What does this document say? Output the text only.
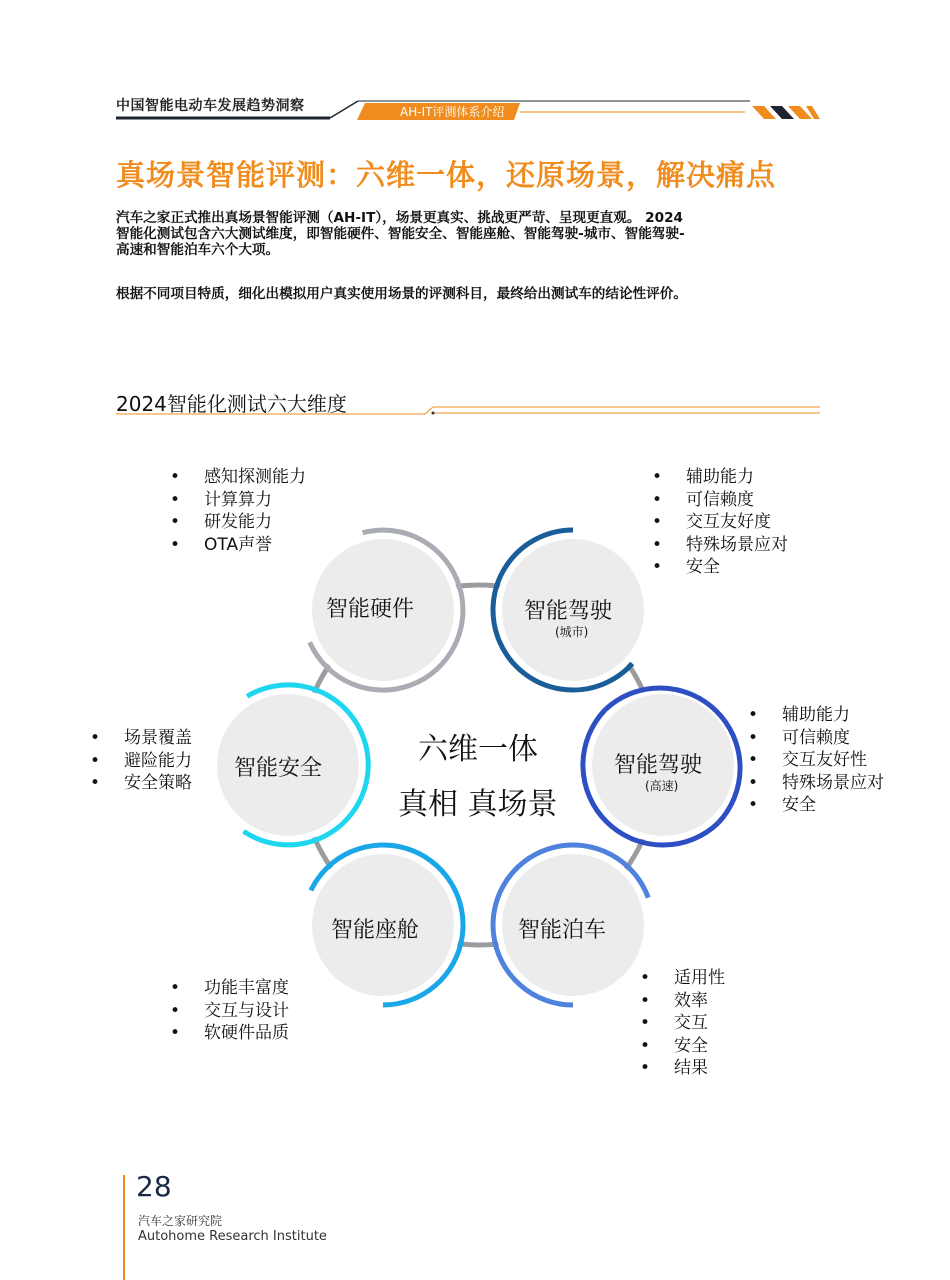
中国智能电动车发展趋势洞察	AH-IT评测体系介绍
真场景智能评测：六维一体，还原场景，解决痛点
汽车之家正式推出真场景智能评测（AH-IT），场景更真实、挑战更严苛、呈现更直观。 2024
智能化测试包含六大测试维度，即智能硬件、智能安全、智能座舱、智能驾驶-城市、智能驾驶-
高速和智能泊车六个大项。
根据不同项目特质，细化出模拟用户真实使用场景的评测科目，最终给出测试车的结论性评价。
2024智能化测试六大维度
智能硬件	智能驾驶
(城市)
智能驾驶
(高速)
智能泊车
智能座舱
智能安全
六维一体
真相 真场景
•	感知探测能力
•	计算算力
•	研发能力
•	OTA声誉
•	辅助能力
•	可信赖度
•	交互友好度
•	特殊场景应对
•	安全
•	辅助能力
•	可信赖度
•	交互友好性
•	特殊场景应对
•	安全
•	场景覆盖
•	避险能力
•	安全策略
•	功能丰富度
•	交互与设计
•	软硬件品质
•	适用性
•	效率
•	交互
•	安全
•	结果
28
汽车之家研究院
Autohome Research Institute
